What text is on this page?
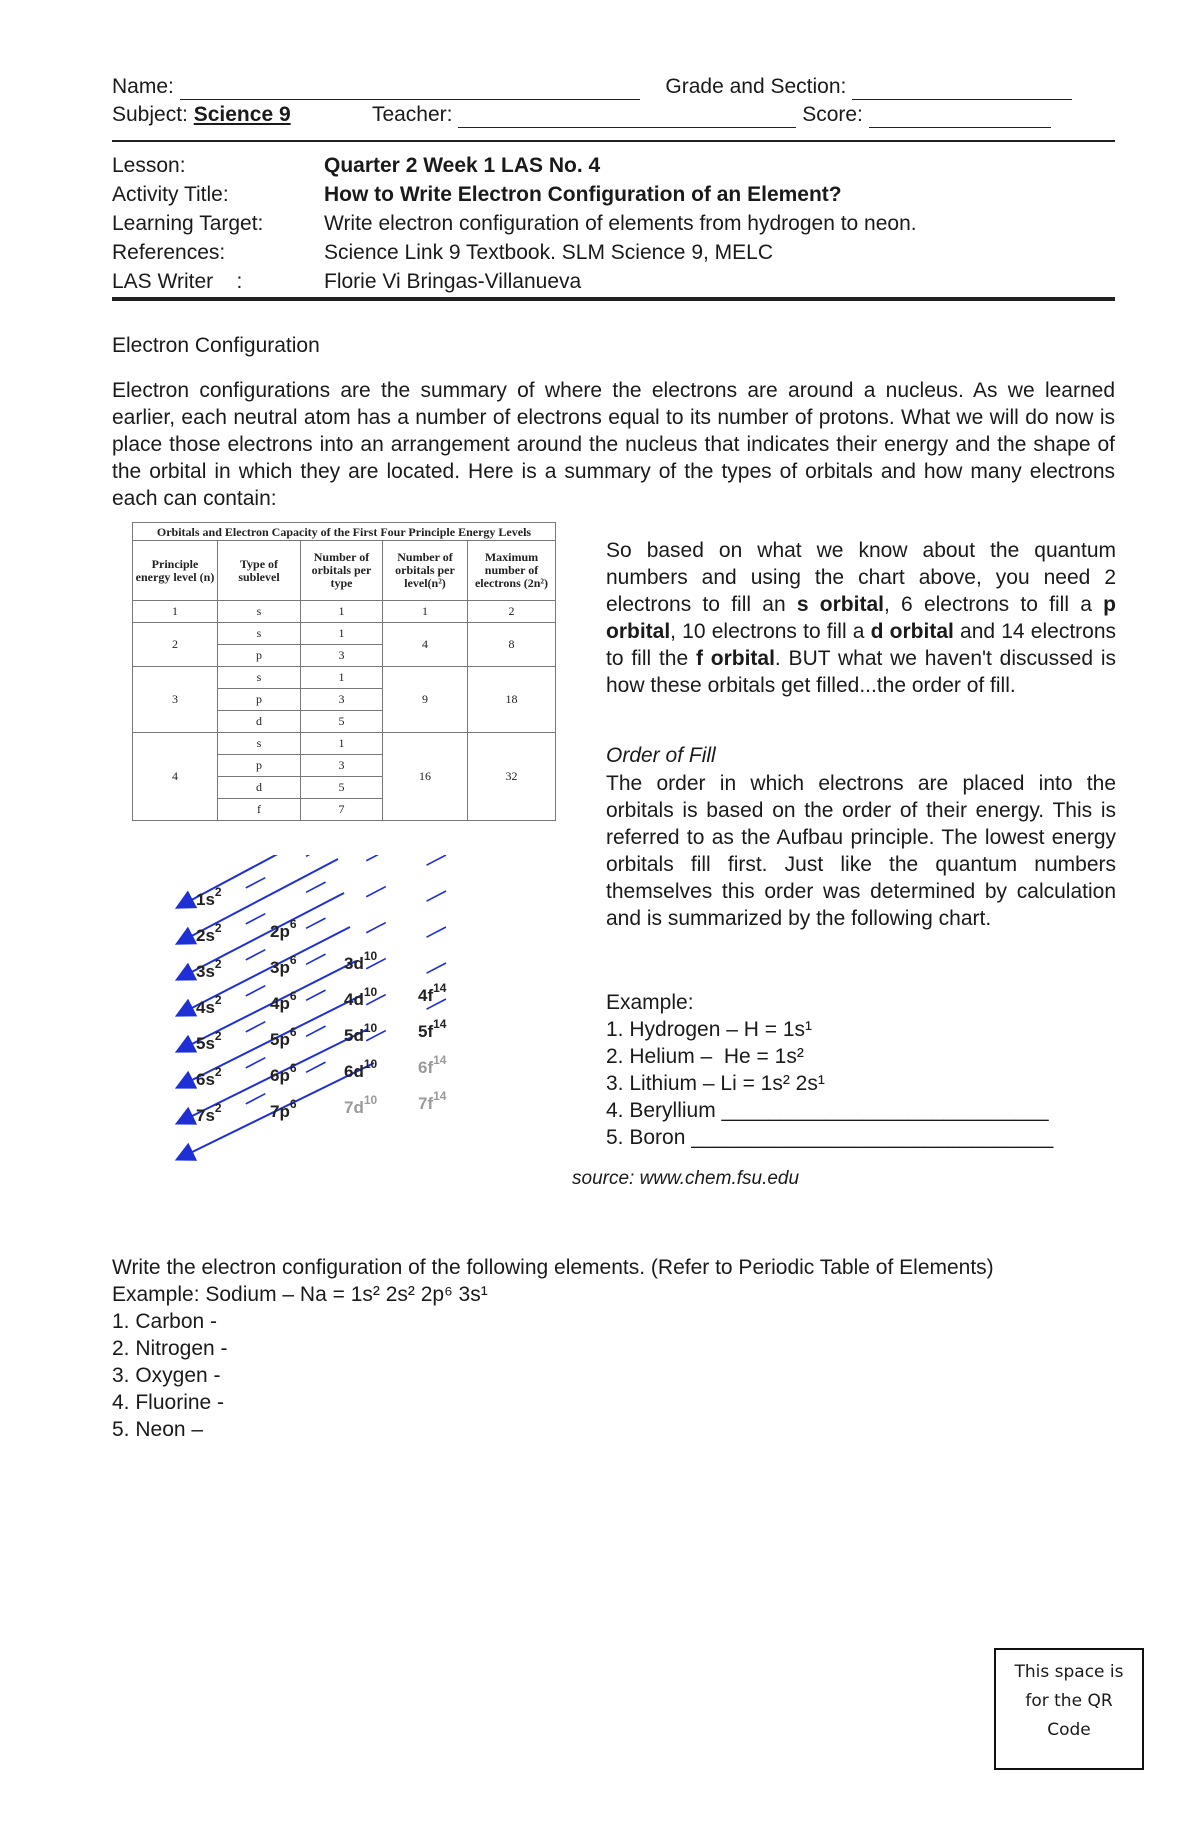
Name:	Grade and Section:
Subject: Science 9	Teacher:	Score:
Lesson:	Quarter 2 Week 1 LAS No. 4
Activity Title:	How to Write Electron Configuration of an Element?
Learning Target:	Write electron configuration of elements from hydrogen to neon.
References:	Science Link 9 Textbook. SLM Science 9, MELC
LAS Writer    :	Florie Vi Bringas-Villanueva
Electron Configuration
Electron configurations are the summary of where the electrons are around a nucleus. As we learned earlier, each neutral atom has a number of electrons equal to its number of protons. What we will do now is place those electrons into an arrangement around the nucleus that indicates their energy and the shape of the orbital in which they are located. Here is a summary of the types of orbitals and how many electrons each can contain:
Orbitals and Electron Capacity of the First Four Principle Energy Levels
Principle energy level (n)	Type of sublevel	Number of orbitals per type	Number of orbitals per level(n²)	Maximum number of electrons (2n²)
1	s	1	1	2
2	s	1	4	8
	p	3		
3	s	1	9	18
	p	3		
	d	5		
4	s	1	16	32
	p	3		
	d	5		
	f	7		
$1s^2$
$2s^2$	$2p^6$
$3s^2$	$3p^6$	$3d^{10}$
$4s^2$	$4p^6$	$4d^{10}$ $4f^{14}$
$5s^2$	$5p^6$	$5d^{10}$ $5f^{14}$
$6s^2$	$6p^6$	$6d^{10}$ $6f^{14}$
$7s^2$	$7p^6$	$7d^{10}$ $7f^{14}$
So based on what we know about the quantum numbers and using the chart above, you need 2 electrons to fill an s orbital, 6 electrons to fill a p orbital, 10 electrons to fill a d orbital and 14 electrons to fill the f orbital. BUT what we haven't discussed is how these orbitals get filled...the order of fill.
Order of Fill
The order in which electrons are placed into the orbitals is based on the order of their energy. This is referred to as the Aufbau principle. The lowest energy orbitals fill first. Just like the quantum numbers themselves this order was determined by calculation and is summarized by the following chart.
Example:
1. Hydrogen – H = 1s¹
2. Helium –  He = 1s²
3. Lithium – Li = 1s² 2s¹
4. Beryllium ____________________________
5. Boron _______________________________
source: www.chem.fsu.edu
Write the electron configuration of the following elements. (Refer to Periodic Table of Elements)
Example: Sodium – Na = 1s² 2s² 2p⁶ 3s¹
1. Carbon -
2. Nitrogen -
3. Oxygen -
4. Fluorine -
5. Neon –
This space is
for the QR
Code
